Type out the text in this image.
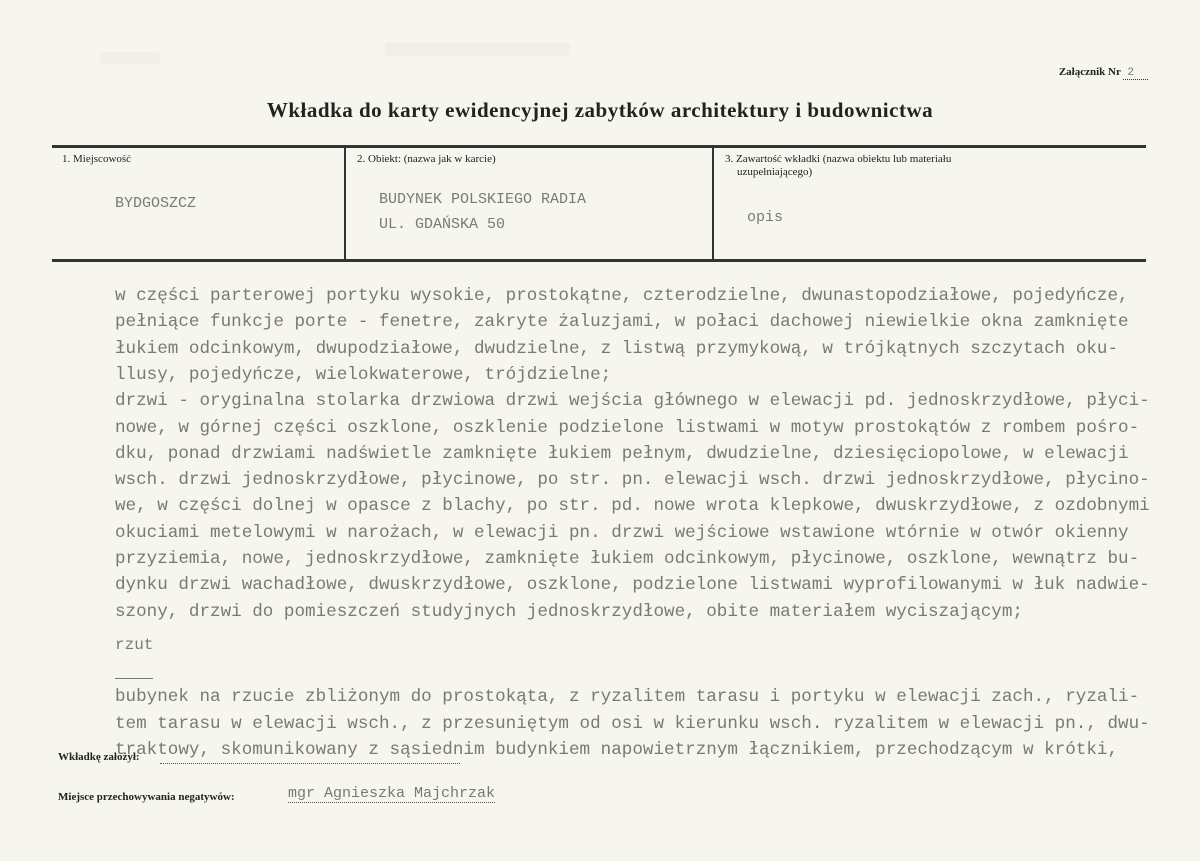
Załącznik Nr 2
Wkładka do karty ewidencyjnej zabytków architektury i budownictwa
1. Miejscowość
BYDGOSZCZ
2. Obiekt: (nazwa jak w karcie)
BUDYNEK POLSKIEGO RADIA
UL. GDAŃSKA 50
3. Zawartość wkładki (nazwa obiektu lub materiału
uzupełniającego)
opis
w części parterowej portyku wysokie, prostokątne, czterodzielne, dwunastopodziałowe, pojedyńcze,
pełniące funkcje porte - fenetre, zakryte żaluzjami, w połaci dachowej niewielkie okna zamknięte
łukiem odcinkowym, dwupodziałowe, dwudzielne, z listwą przymykową, w trójkątnych szczytach oku-
llusy, pojedyńcze, wielokwaterowe, trójdzielne;
drzwi - oryginalna stolarka drzwiowa drzwi wejścia głównego w elewacji pd. jednoskrzydłowe, płyci-
nowe, w górnej części oszklone, oszklenie podzielone listwami w motyw prostokątów z rombem pośro-
dku, ponad drzwiami nadświetle zamknięte łukiem pełnym, dwudzielne, dziesięciopolowe, w elewacji
wsch. drzwi jednoskrzydłowe, płycinowe, po str. pn. elewacji wsch. drzwi jednoskrzydłowe, płycino-
we, w części dolnej w opasce z blachy, po str. pd. nowe wrota klepkowe, dwuskrzydłowe, z ozdobnymi
okuciami metelowymi w narożach, w elewacji pn. drzwi wejściowe wstawione wtórnie w otwór okienny
przyziemia, nowe, jednoskrzydłowe, zamknięte łukiem odcinkowym, płycinowe, oszklone, wewnątrz bu-
dynku drzwi wachadłowe, dwuskrzydłowe, oszklone, podzielone listwami wyprofilowanymi w łuk nadwie-
szony, drzwi do pomieszczeń studyjnych jednoskrzydłowe, obite materiałem wyciszającym;
rzut
bubynek na rzucie zbliżonym do prostokąta, z ryzalitem tarasu i portyku w elewacji zach., ryzali-
tem tarasu w elewacji wsch., z przesuniętym od osi w kierunku wsch. ryzalitem w elewacji pn., dwu-
traktowy, skomunikowany z sąsiednim budynkiem napowietrznym łącznikiem, przechodzącym w krótki,
Wkładkę założył:
Miejsce przechowywania negatywów:	mgr Agnieszka Majchrzak
